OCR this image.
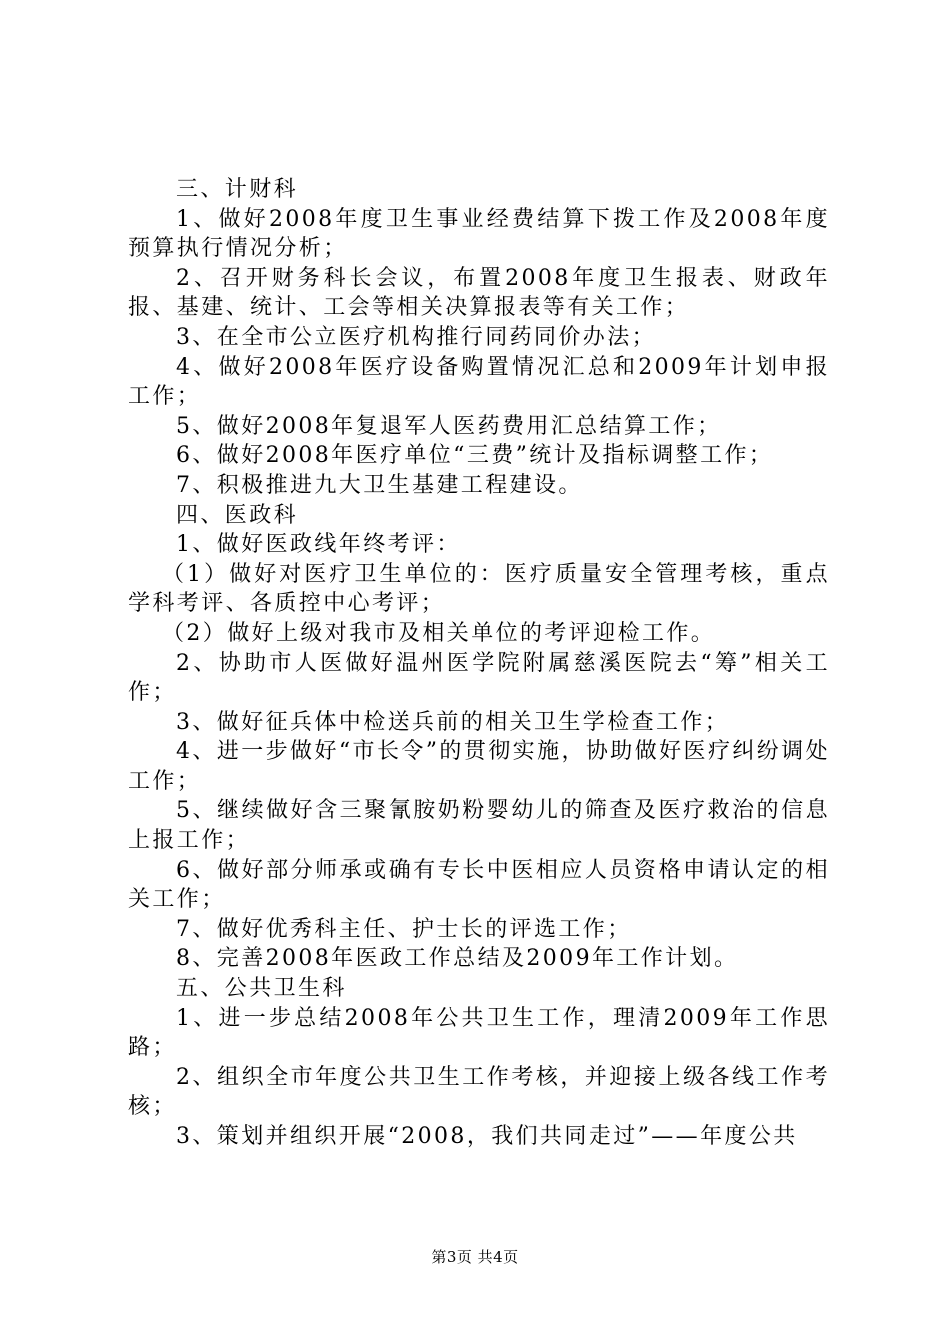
三、计财科

1、做好2008年度卫生事业经费结算下拨工作及2008年度预算执行情况分析；

2、召开财务科长会议，布置2008年度卫生报表、财政年报、基建、统计、工会等相关决算报表等有关工作；

3、在全市公立医疗机构推行同药同价办法；

4、做好2008年医疗设备购置情况汇总和2009年计划申报工作；

5、做好2008年复退军人医药费用汇总结算工作；

6、做好2008年医疗单位“三费”统计及指标调整工作；

7、积极推进九大卫生基建工程建设。

四、医政科

1、做好医政线年终考评：

（1）做好对医疗卫生单位的：医疗质量安全管理考核，重点学科考评、各质控中心考评；

（2）做好上级对我市及相关单位的考评迎检工作。

2、协助市人医做好温州医学院附属慈溪医院去“筹”相关工作；

3、做好征兵体中检送兵前的相关卫生学检查工作；

4、进一步做好“市长令”的贯彻实施，协助做好医疗纠纷调处工作；

5、继续做好含三聚氰胺奶粉婴幼儿的筛查及医疗救治的信息上报工作；

6、做好部分师承或确有专长中医相应人员资格申请认定的相关工作；

7、做好优秀科主任、护士长的评选工作；

8、完善2008年医政工作总结及2009年工作计划。

五、公共卫生科

1、进一步总结2008年公共卫生工作，理清2009年工作思路；

2、组织全市年度公共卫生工作考核，并迎接上级各线工作考核；

3、策划并组织开展“2008，我们共同走过”——年度公共

第3页 共4页
